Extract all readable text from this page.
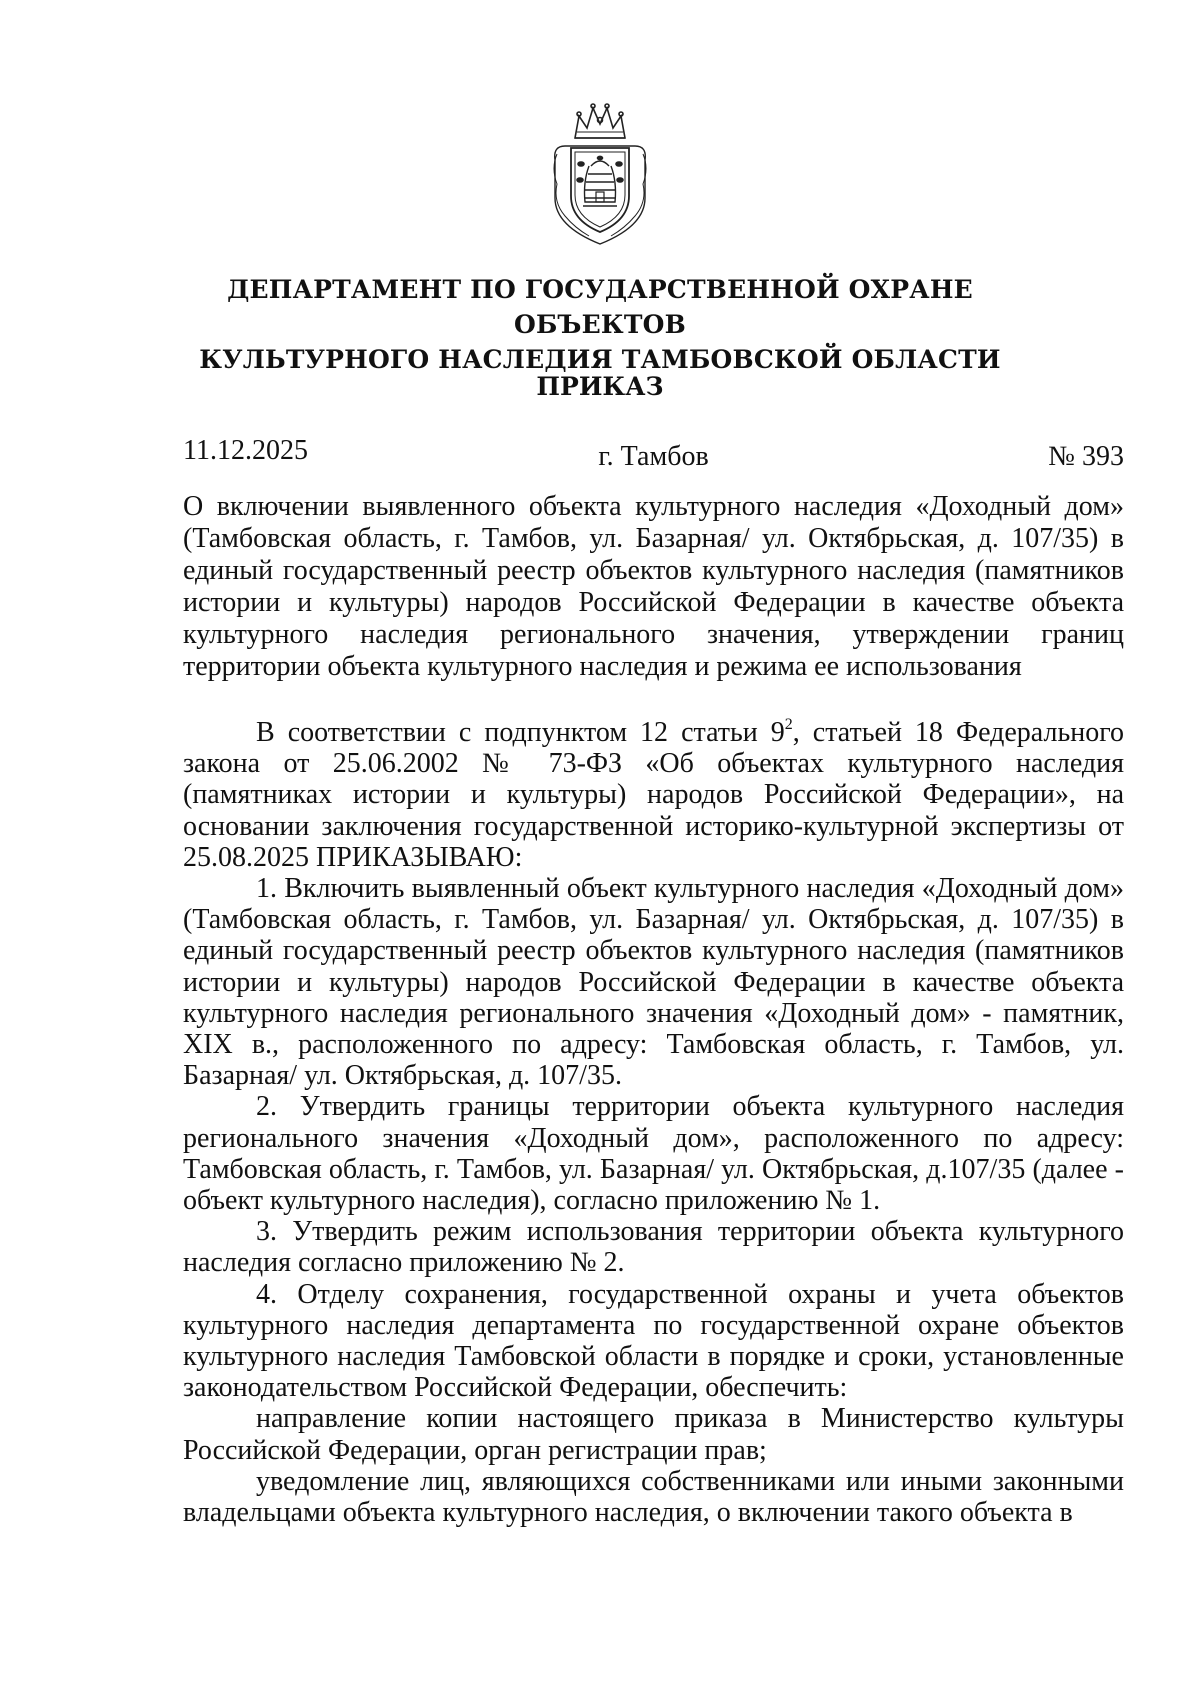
ДЕПАРТАМЕНТ ПО ГОСУДАРСТВЕННОЙ ОХРАНЕ ОБЪЕКТОВ
КУЛЬТУРНОГО НАСЛЕДИЯ ТАМБОВСКОЙ ОБЛАСТИ
ПРИКАЗ
11.12.2025	г. Тамбов	№ 393
О включении выявленного объекта культурного наследия «Доходный дом» (Тамбовская область, г. Тамбов, ул. Базарная/ ул. Октябрьская, д. 107/35) в единый государственный реестр объектов культурного наследия (памятников истории и культуры) народов Российской Федерации в качестве объекта культурного наследия регионального значения, утверждении границ территории объекта культурного наследия и режима ее использования

В соответствии с подпунктом 12 статьи $9^2$, статьей 18 Федерального закона от 25.06.2002 № 73-ФЗ «Об объектах культурного наследия (памятниках истории и культуры) народов Российской Федерации», на основании заключения государственной историко-культурной экспертизы от 25.08.2025 ПРИКАЗЫВАЮ:

1. Включить выявленный объект культурного наследия «Доходный дом» (Тамбовская область, г. Тамбов, ул. Базарная/ ул. Октябрьская, д. 107/35) в единый государственный реестр объектов культурного наследия (памятников истории и культуры) народов Российской Федерации в качестве объекта культурного наследия регионального значения «Доходный дом» - памятник, XIX в., расположенного по адресу: Тамбовская область, г. Тамбов, ул. Базарная/ ул. Октябрьская, д. 107/35.

2. Утвердить границы территории объекта культурного наследия регионального значения «Доходный дом», расположенного по адресу: Тамбовская область, г. Тамбов, ул. Базарная/ ул. Октябрьская, д.107/35 (далее - объект культурного наследия), согласно приложению № 1.

3. Утвердить режим использования территории объекта культурного наследия согласно приложению № 2.

4. Отделу сохранения, государственной охраны и учета объектов культурного наследия департамента по государственной охране объектов культурного наследия Тамбовской области в порядке и сроки, установленные законодательством Российской Федерации, обеспечить:

направление копии настоящего приказа в Министерство культуры Российской Федерации, орган регистрации прав;

уведомление лиц, являющихся собственниками или иными законными владельцами объекта культурного наследия, о включении такого объекта в
